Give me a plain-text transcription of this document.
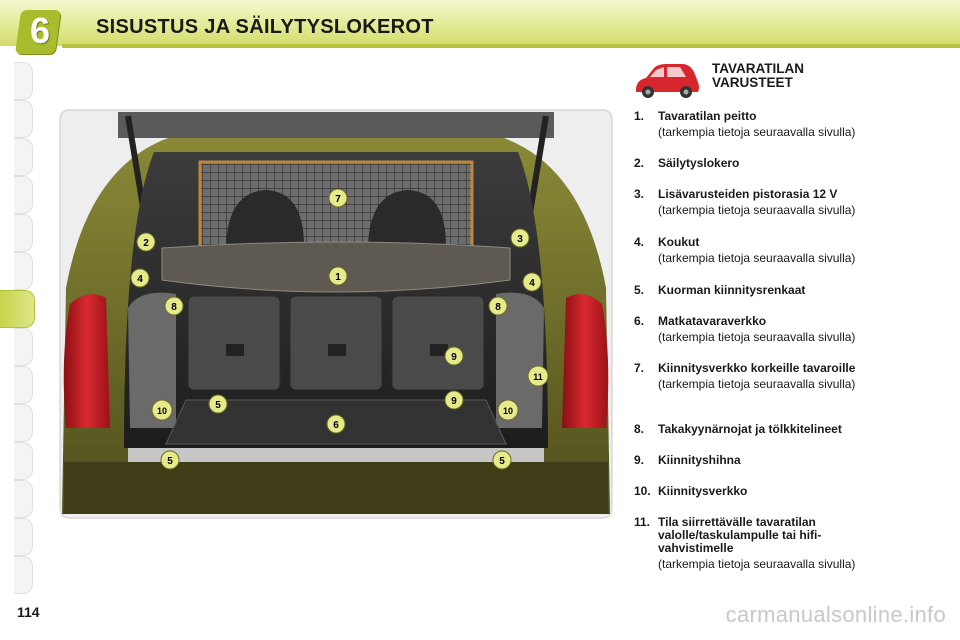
6	SISUSTUS JA SÄILYTYSLOKEROT
1
2	3
4	4
5
5	5
6
7
8	8
9
9
10	10
11
TAVARATILAN
VARUSTEET
1.	Tavaratilan peitto
(tarkempia tietoja seuraavalla sivulla)
2.	Säilytyslokero
3.	Lisävarusteiden pistorasia 12 V
(tarkempia tietoja seuraavalla sivulla)
4.	Koukut
(tarkempia tietoja seuraavalla sivulla)
5.	Kuorman kiinnitysrenkaat
6.	Matkatavaraverkko
(tarkempia tietoja seuraavalla sivulla)
7.	Kiinnitysverkko korkeille tavaroille
(tarkempia tietoja seuraavalla sivulla)
8.	Takakyynärnojat ja tölkkitelineet
9.	Kiinnityshihna
10. Kiinnitysverkko
11. Tila siirrettävälle tavaratilan valolle/taskulampulle tai hifi-vahvistimelle
(tarkempia tietoja seuraavalla sivulla)
114	carmanualsonline.info
